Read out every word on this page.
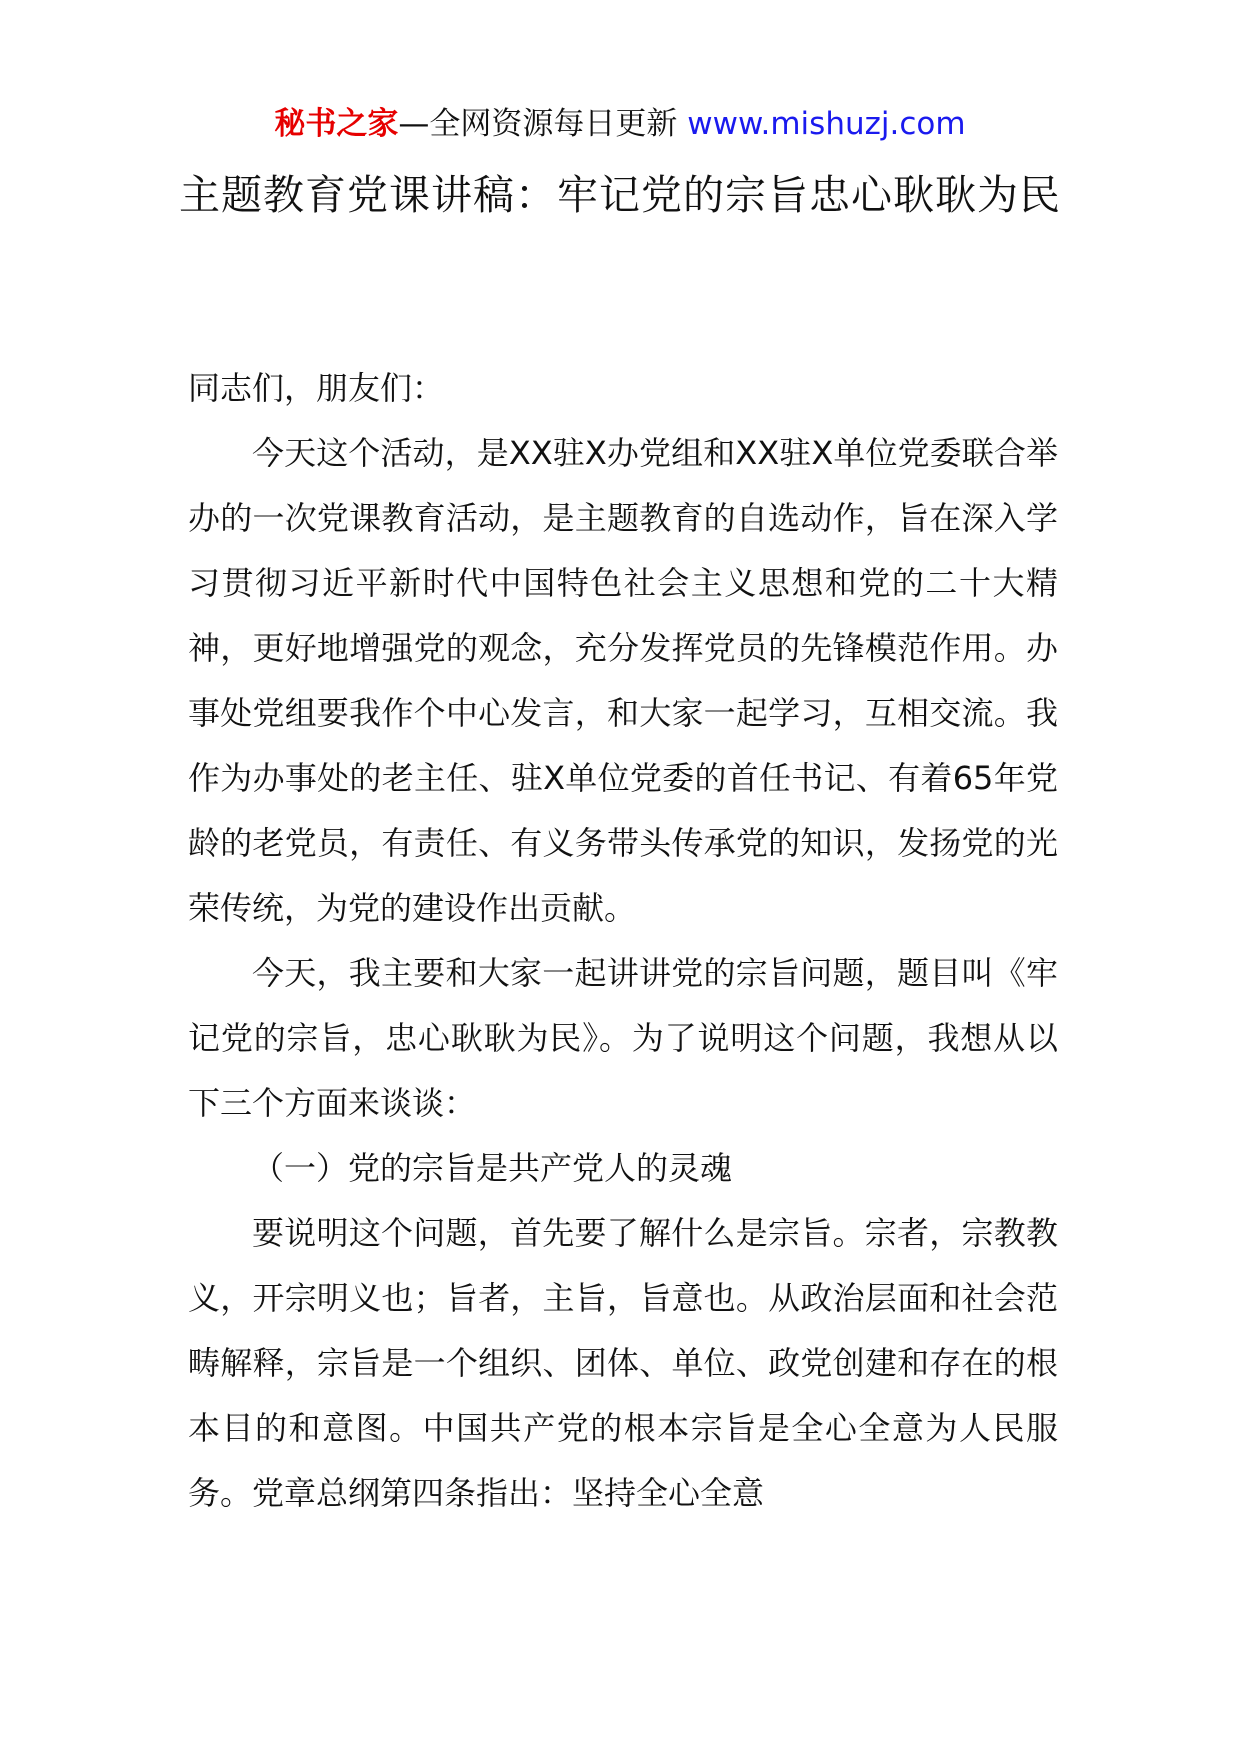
秘书之家—全网资源每日更新 www.mishuzj.com
主题教育党课讲稿：牢记党的宗旨忠心耿耿为民

同志们，朋友们：

今天这个活动，是XX驻X办党组和XX驻X单位党委联合举办的一次党课教育活动，是主题教育的自选动作，旨在深入学习贯彻习近平新时代中国特色社会主义思想和党的二十大精神，更好地增强党的观念，充分发挥党员的先锋模范作用。办事处党组要我作个中心发言，和大家一起学习，互相交流。我作为办事处的老主任、驻X单位党委的首任书记、有着65年党龄的老党员，有责任、有义务带头传承党的知识，发扬党的光荣传统，为党的建设作出贡献。

今天，我主要和大家一起讲讲党的宗旨问题，题目叫《牢记党的宗旨，忠心耿耿为民》。为了说明这个问题，我想从以下三个方面来谈谈：

（一）党的宗旨是共产党人的灵魂

要说明这个问题，首先要了解什么是宗旨。宗者，宗教教义，开宗明义也；旨者，主旨，旨意也。从政治层面和社会范畴解释，宗旨是一个组织、团体、单位、政党创建和存在的根本目的和意图。中国共产党的根本宗旨是全心全意为人民服务。党章总纲第四条指出：坚持全心全意
